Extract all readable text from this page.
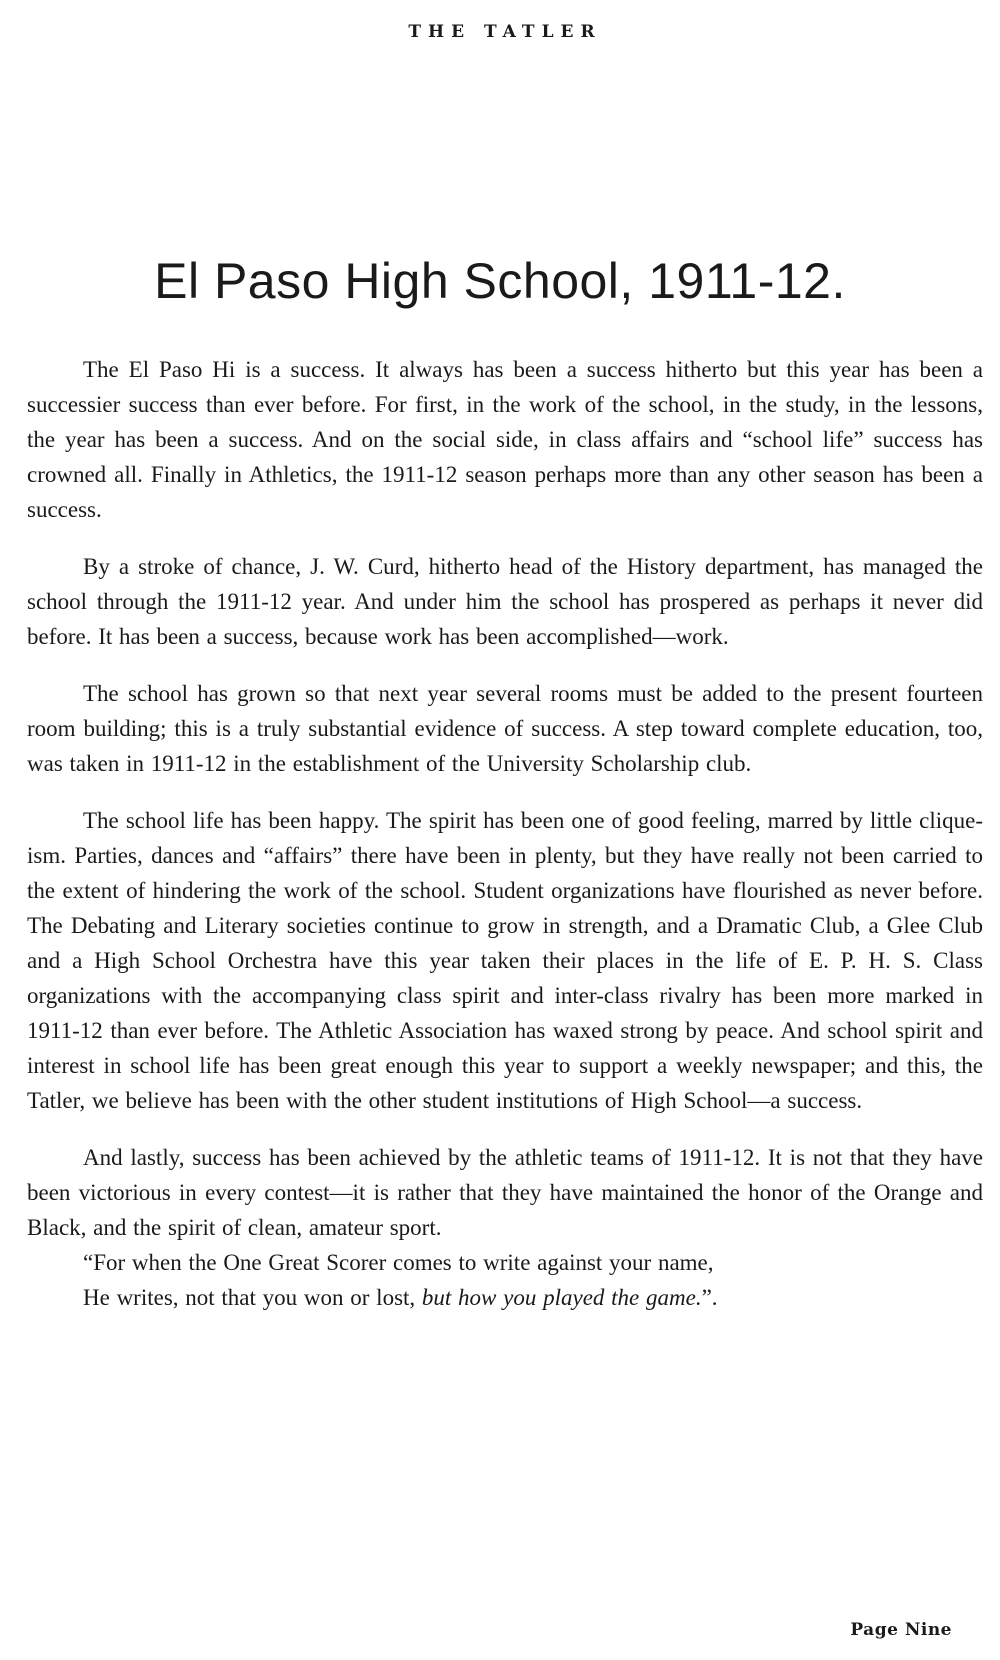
THE TATLER
El Paso High School, 1911-12.

The El Paso Hi is a success. It always has been a success hitherto but this year has been a successier success than ever before. For first, in the work of the school, in the study, in the lessons, the year has been a success. And on the social side, in class affairs and “school life” success has crowned all. Finally in Athletics, the 1911-12 season perhaps more than any other season has been a success.

By a stroke of chance, J. W. Curd, hitherto head of the History department, has managed the school through the 1911-12 year. And under him the school has prospered as perhaps it never did before. It has been a success, because work has been accomplished—work.

The school has grown so that next year several rooms must be added to the present fourteen room building; this is a truly substantial evidence of success. A step toward complete education, too, was taken in 1911-12 in the establishment of the University Scholarship club.

The school life has been happy. The spirit has been one of good feeling, marred by little clique-ism. Parties, dances and “affairs” there have been in plenty, but they have really not been carried to the extent of hindering the work of the school. Student organizations have flourished as never before. The Debating and Literary societies continue to grow in strength, and a Dramatic Club, a Glee Club and a High School Orchestra have this year taken their places in the life of E. P. H. S. Class organizations with the accompanying class spirit and inter-class rivalry has been more marked in 1911-12 than ever before. The Athletic Association has waxed strong by peace. And school spirit and interest in school life has been great enough this year to support a weekly newspaper; and this, the Tatler, we believe has been with the other student institutions of High School—a success.

And lastly, success has been achieved by the athletic teams of 1911-12. It is not that they have been victorious in every contest—it is rather that they have maintained the honor of the Orange and Black, and the spirit of clean, amateur sport.

“For when the One Great Scorer comes to write against your name,
He writes, not that you won or lost, but how you played the game.”.
Page Nine
